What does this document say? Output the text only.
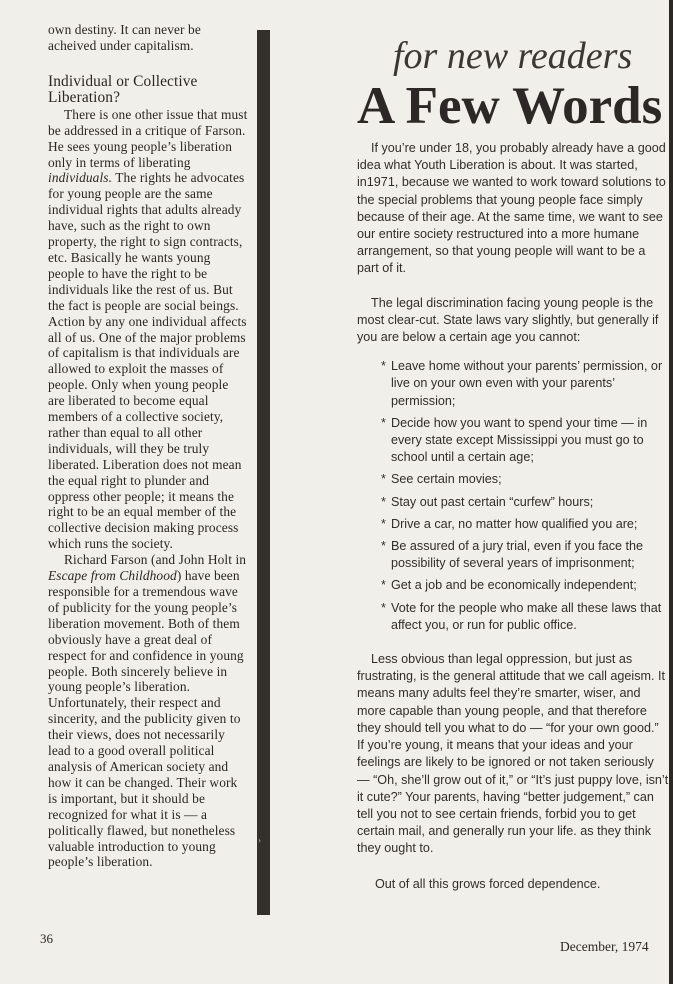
own destiny. It can never be acheived under capitalism.

Individual or Collective Liberation?

There is one other issue that must be addressed in a critique of Farson. He sees young people’s liberation only in terms of liberating individuals. The rights he advocates for young people are the same individual rights that adults already have, such as the right to own property, the right to sign contracts, etc. Basically he wants young people to have the right to be individuals like the rest of us. But the fact is people are social beings. Action by any one individual affects all of us. One of the major problems of capitalism is that individuals are allowed to exploit the masses of people. Only when young people are liberated to become equal members of a collective society, rather than equal to all other individuals, will they be truly liberated. Liberation does not mean the equal right to plunder and oppress other people; it means the right to be an equal member of the collective decision making process which runs the society.

Richard Farson (and John Holt in Escape from Childhood) have been responsible for a tremendous wave of publicity for the young people’s liberation movement. Both of them obviously have a great deal of respect for and confidence in young people. Both sincerely believe in young people’s liberation. Unfortunately, their respect and sincerity, and the publicity given to their views, does not necessarily lead to a good overall political analysis of American society and how it can be changed. Their work is important, but it should be recognized for what it is — a politically flawed, but nonetheless valuable introduction to young people’s liberation.

›
for new readers
A Few Words

If you’re under 18, you probably already have a good idea what Youth Liberation is about. It was started, in1971, because we wanted to work toward solutions to the special problems that young people face simply because of their age. At the same time, we want to see our entire society restructured into a more humane arrangement, so that young people will want to be a part of it.

The legal discrimination facing young people is the most clear-cut. State laws vary slightly, but generally if you are below a certain age you cannot:

* Leave home without your parents’ permission, or live on your own even with your parents’ permission;
* Decide how you want to spend your time — in every state except Mississippi you must go to school until a certain age;
* See certain movies;
* Stay out past certain “curfew” hours;
* Drive a car, no matter how qualified you are;
* Be assured of a jury trial, even if you face the possibility of several years of imprisonment;
* Get a job and be economically independent;
* Vote for the people who make all these laws that affect you, or run for public office.

Less obvious than legal oppression, but just as frustrating, is the general attitude that we call ageism. It means many adults feel they’re smarter, wiser, and more capable than young people, and that therefore they should tell you what to do — “for your own good.” If you’re young, it means that your ideas and your feelings are likely to be ignored or not taken seriously — “Oh, she’ll grow out of it,” or “It’s just puppy love, isn’t it cute?” Your parents, having “better judgement,” can tell you not to see certain friends, forbid you to get certain mail, and generally run your life. as they think they ought to.

Out of all this grows forced dependence.

36
December, 1974
